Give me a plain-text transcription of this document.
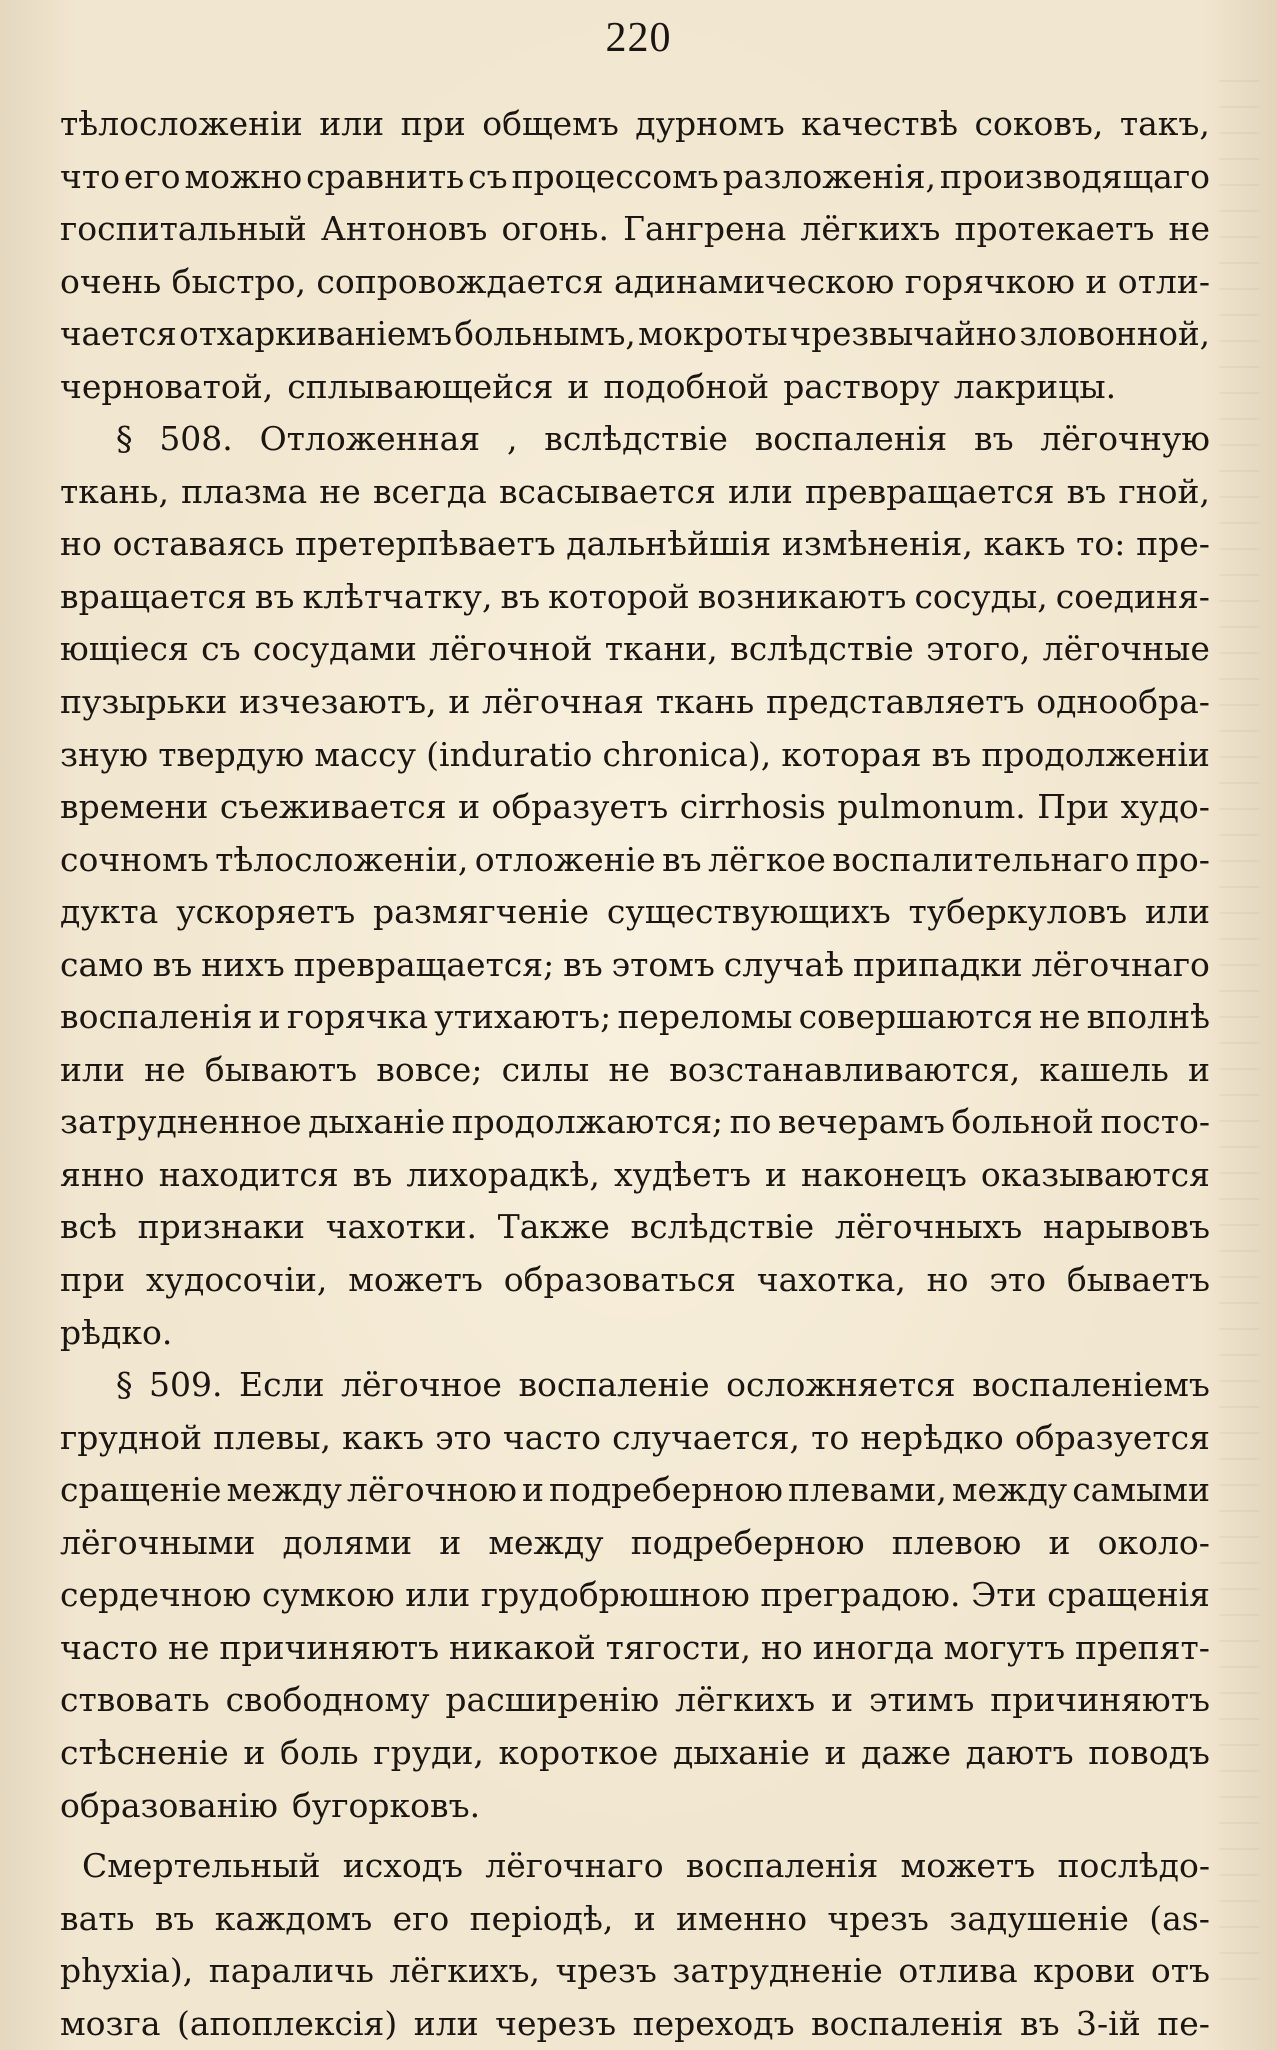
220
тѣлосложеніи или при общемъ дурномъ качествѣ соковъ, такъ,
что его можно сравнить съ процессомъ разложенія, производящаго
госпитальный Антоновъ огонь. Гангрена лёгкихъ протекаетъ не
очень быстро, сопровождается адинамическою горячкою и отли-
чается отхаркиваніемъ больнымъ, мокроты чрезвычайно зловонной,
черноватой, сплывающейся и подобной раствору лакрицы.
§ 508. Отложенная , вслѣдствіе воспаленія въ лёгочную
ткань, плазма не всегда всасывается или превращается въ гной,
но оставаясь претерпѣваетъ дальнѣйшія измѣненія, какъ то: пре-
вращается въ клѣтчатку, въ которой возникаютъ сосуды, соединя-
ющіеся съ сосудами лёгочной ткани, вслѣдствіе этого, лёгочные
пузырьки изчезаютъ, и лёгочная ткань представляетъ однообра-
зную твердую массу (induratio chronica), которая въ продолженіи
времени съеживается и образуетъ cirrhosis pulmonum. При худо-
сочномъ тѣлосложеніи, отложеніе въ лёгкое воспалительнаго про-
дукта ускоряетъ размягченіе существующихъ туберкуловъ или
само въ нихъ превращается; въ этомъ случаѣ припадки лёгочнаго
воспаленія и горячка утихаютъ; переломы совершаются не вполнѣ
или не бываютъ вовсе; силы не возстанавливаются, кашель и
затрудненное дыханіе продолжаются; по вечерамъ больной посто-
янно находится въ лихорадкѣ, худѣетъ и наконецъ оказываются
всѣ признаки чахотки. Также вслѣдствіе лёгочныхъ нарывовъ
при худосочіи, можетъ образоваться чахотка, но это бываетъ
рѣдко.
§ 509. Если лёгочное воспаленіе осложняется воспаленіемъ
грудной плевы, какъ это часто случается, то нерѣдко образуется
сращеніе между лёгочною и подреберною плевами, между самыми
лёгочными долями и между подреберною плевою и около-
сердечною сумкою или грудобрюшною преградою. Эти сращенія
часто не причиняютъ никакой тягости, но иногда могутъ препят-
ствовать свободному расширенію лёгкихъ и этимъ причиняютъ
стѣсненіе и боль груди, короткое дыханіе и даже даютъ поводъ
образованію бугорковъ.
Смертельный исходъ лёгочнаго воспаленія можетъ послѣдо-
вать въ каждомъ его періодѣ, и именно чрезъ задушеніе (as-
phyxia), параличь лёгкихъ, чрезъ затрудненіе отлива крови отъ
мозга (апоплексія) или черезъ переходъ воспаленія въ 3-ій пе-
